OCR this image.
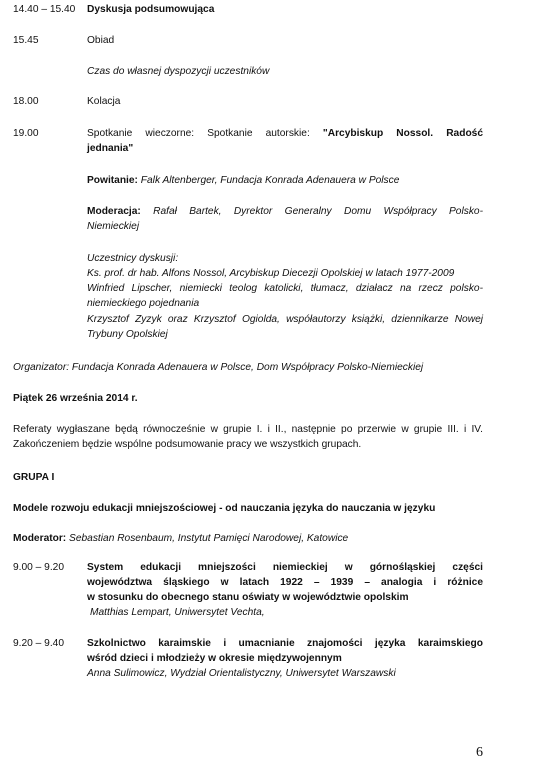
14.40 – 15.40 Dyskusja podsumowująca
15.45	Obiad
Czas do własnej dyspozycji uczestników
18.00	Kolacja
19.00	Spotkanie wieczorne: Spotkanie autorskie: "Arcybiskup Nossol. Radość
jednania"
Powitanie: Falk Altenberger, Fundacja Konrada Adenauera w Polsce
Moderacja: Rafał Bartek, Dyrektor Generalny Domu Współpracy Polsko-
Niemieckiej
Uczestnicy dyskusji:
Ks. prof. dr hab. Alfons Nossol, Arcybiskup Diecezji Opolskiej w latach 1977-2009
Winfried Lipscher, niemiecki teolog katolicki, tłumacz, działacz na rzecz polsko-
niemieckiego pojednania
Krzysztof Zyzyk oraz Krzysztof Ogiolda, współautorzy książki, dziennikarze Nowej
Trybuny Opolskiej
Organizator: Fundacja Konrada Adenauera w Polsce, Dom Współpracy Polsko-Niemieckiej
Piątek 26 września 2014 r.
Referaty wygłaszane będą równocześnie w grupie I. i II., następnie po przerwie w grupie III. i IV.
Zakończeniem będzie wspólne podsumowanie pracy we wszystkich grupach.
GRUPA I
Modele rozwoju edukacji mniejszościowej - od nauczania języka do nauczania w języku
Moderator: Sebastian Rosenbaum, Instytut Pamięci Narodowej, Katowice
9.00 – 9.20 System edukacji mniejszości niemieckiej w górnośląskiej części
województwa śląskiego w latach 1922 – 1939 – analogia i różnice
w stosunku do obecnego stanu oświaty w województwie opolskim
Matthias Lempart, Uniwersytet Vechta,
9.20 – 9.40 Szkolnictwo karaimskie i umacnianie znajomości języka karaimskiego
wśród dzieci i młodzieży w okresie międzywojennym
Anna Sulimowicz, Wydział Orientalistyczny, Uniwersytet Warszawski
6
